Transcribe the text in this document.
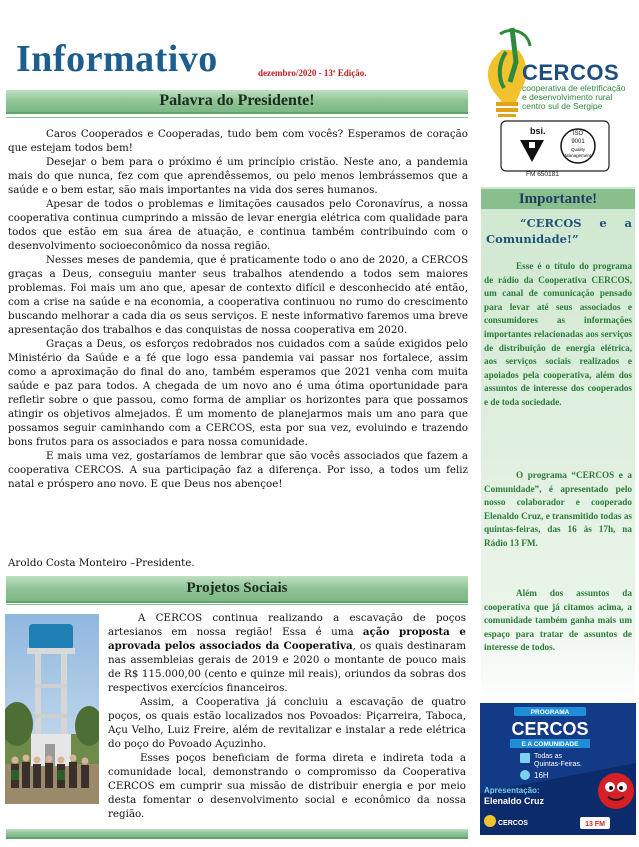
Informativo	dezembro/2020 - 13ª Edição.	CERCOS
cooperativa de eletrificação
e desenvolvimento rural
centro sul de Sergipe
bsi.	ISO
9001
Quality
Management
FM 650181
Palavra do Presidente!

Caros Cooperados e Cooperadas, tudo bem com vocês? Esperamos de coração que estejam todos bem!

Desejar o bem para o próximo é um princípio cristão. Neste ano, a pandemia mais do que nunca, fez com que aprendêssemos, ou pelo menos lembrássemos que a saúde e o bem estar, são mais importantes na vida dos seres humanos.

Apesar de todos o problemas e limitações causados pelo Coronavírus, a nossa cooperativa continua cumprindo a missão de levar energia elétrica com qualidade para todos que estão em sua área de atuação, e continua também contribuindo com o desenvolvimento socioeconômico da nossa região.

Nesses meses de pandemia, que é praticamente todo o ano de 2020, a CERCOS graças a Deus, conseguiu manter seus trabalhos atendendo a todos sem maiores problemas. Foi mais um ano que, apesar de contexto difícil e desconhecido até então, com a crise na saúde e na economia, a cooperativa continuou no rumo do crescimento buscando melhorar a cada dia os seus serviços. E neste informativo faremos uma breve apresentação dos trabalhos e das conquistas de nossa cooperativa em 2020.

Graças a Deus, os esforços redobrados nos cuidados com a saúde exigidos pelo Ministério da Saúde e a fé que logo essa pandemia vai passar nos fortalece, assim como a aproximação do final do ano, também esperamos que 2021 venha com muita saúde e paz para todos. A chegada de um novo ano é uma ótima oportunidade para refletir sobre o que passou, como forma de ampliar os horizontes para que possamos atingir os objetivos almejados. É um momento de planejarmos mais um ano para que possamos seguir caminhando com a CERCOS, esta por sua vez, evoluindo e trazendo bons frutos para os associados e para nossa comunidade.

E mais uma vez, gostaríamos de lembrar que são vocês associados que fazem a cooperativa CERCOS. A sua participação faz a diferença. Por isso, a todos um feliz natal e próspero ano novo. E que Deus nos abençoe!

Aroldo Costa Monteiro –Presidente.
Projetos Sociais

A CERCOS continua realizando a escavação de poços artesianos em nossa região! Essa é uma ação proposta e aprovada pelos associados da Cooperativa, os quais destinaram nas assembleias gerais de 2019 e 2020 o montante de pouco mais de R$ 115.000,00 (cento e quinze mil reais), oriundos da sobras dos respectivos exercícios financeiros.

Assim, a Cooperativa já concluiu a escavação de quatro poços, os quais estão localizados nos Povoados: Piçarreira, Taboca, Açu Velho, Luiz Freire, além de revitalizar e instalar a rede elétrica do poço do Povoado Açuzinho.

Esses poços beneficiam de forma direta e indireta toda a comunidade local, demonstrando o compromisso da Cooperativa CERCOS em cumprir sua missão de distribuir energia e por meio desta fomentar o desenvolvimento social e econômico da nossa região.

Importante!
“CERCOS e a Comunidade!”
Esse é o título do programa de rádio da Cooperativa CERCOS, um canal de comunicação pensado para levar até seus associados e consumidores as informações importantes relacionadas aos serviços de distribuição de energia elétrica, aos serviços sociais realizados e apoiados pela cooperativa, além dos assuntos de interesse dos cooperados e de toda sociedade.
O programa “CERCOS e a Comunidade”, é apresentado pelo nosso colaborador e cooperado Elenaldo Cruz, e transmitido todas as quintas-feiras, das 16 às 17h, na Rádio 13 FM.
Além dos assuntos da cooperativa que já citamos acima, a comunidade também ganha mais um espaço para tratar de assuntos de interesse de todos.
PROGRAMA
CERCOS
E A COMUNIDADE
Todas as
Quintas-Feiras.
16H
Apresentação:
Elenaldo Cruz
CERCOS	13 FM
